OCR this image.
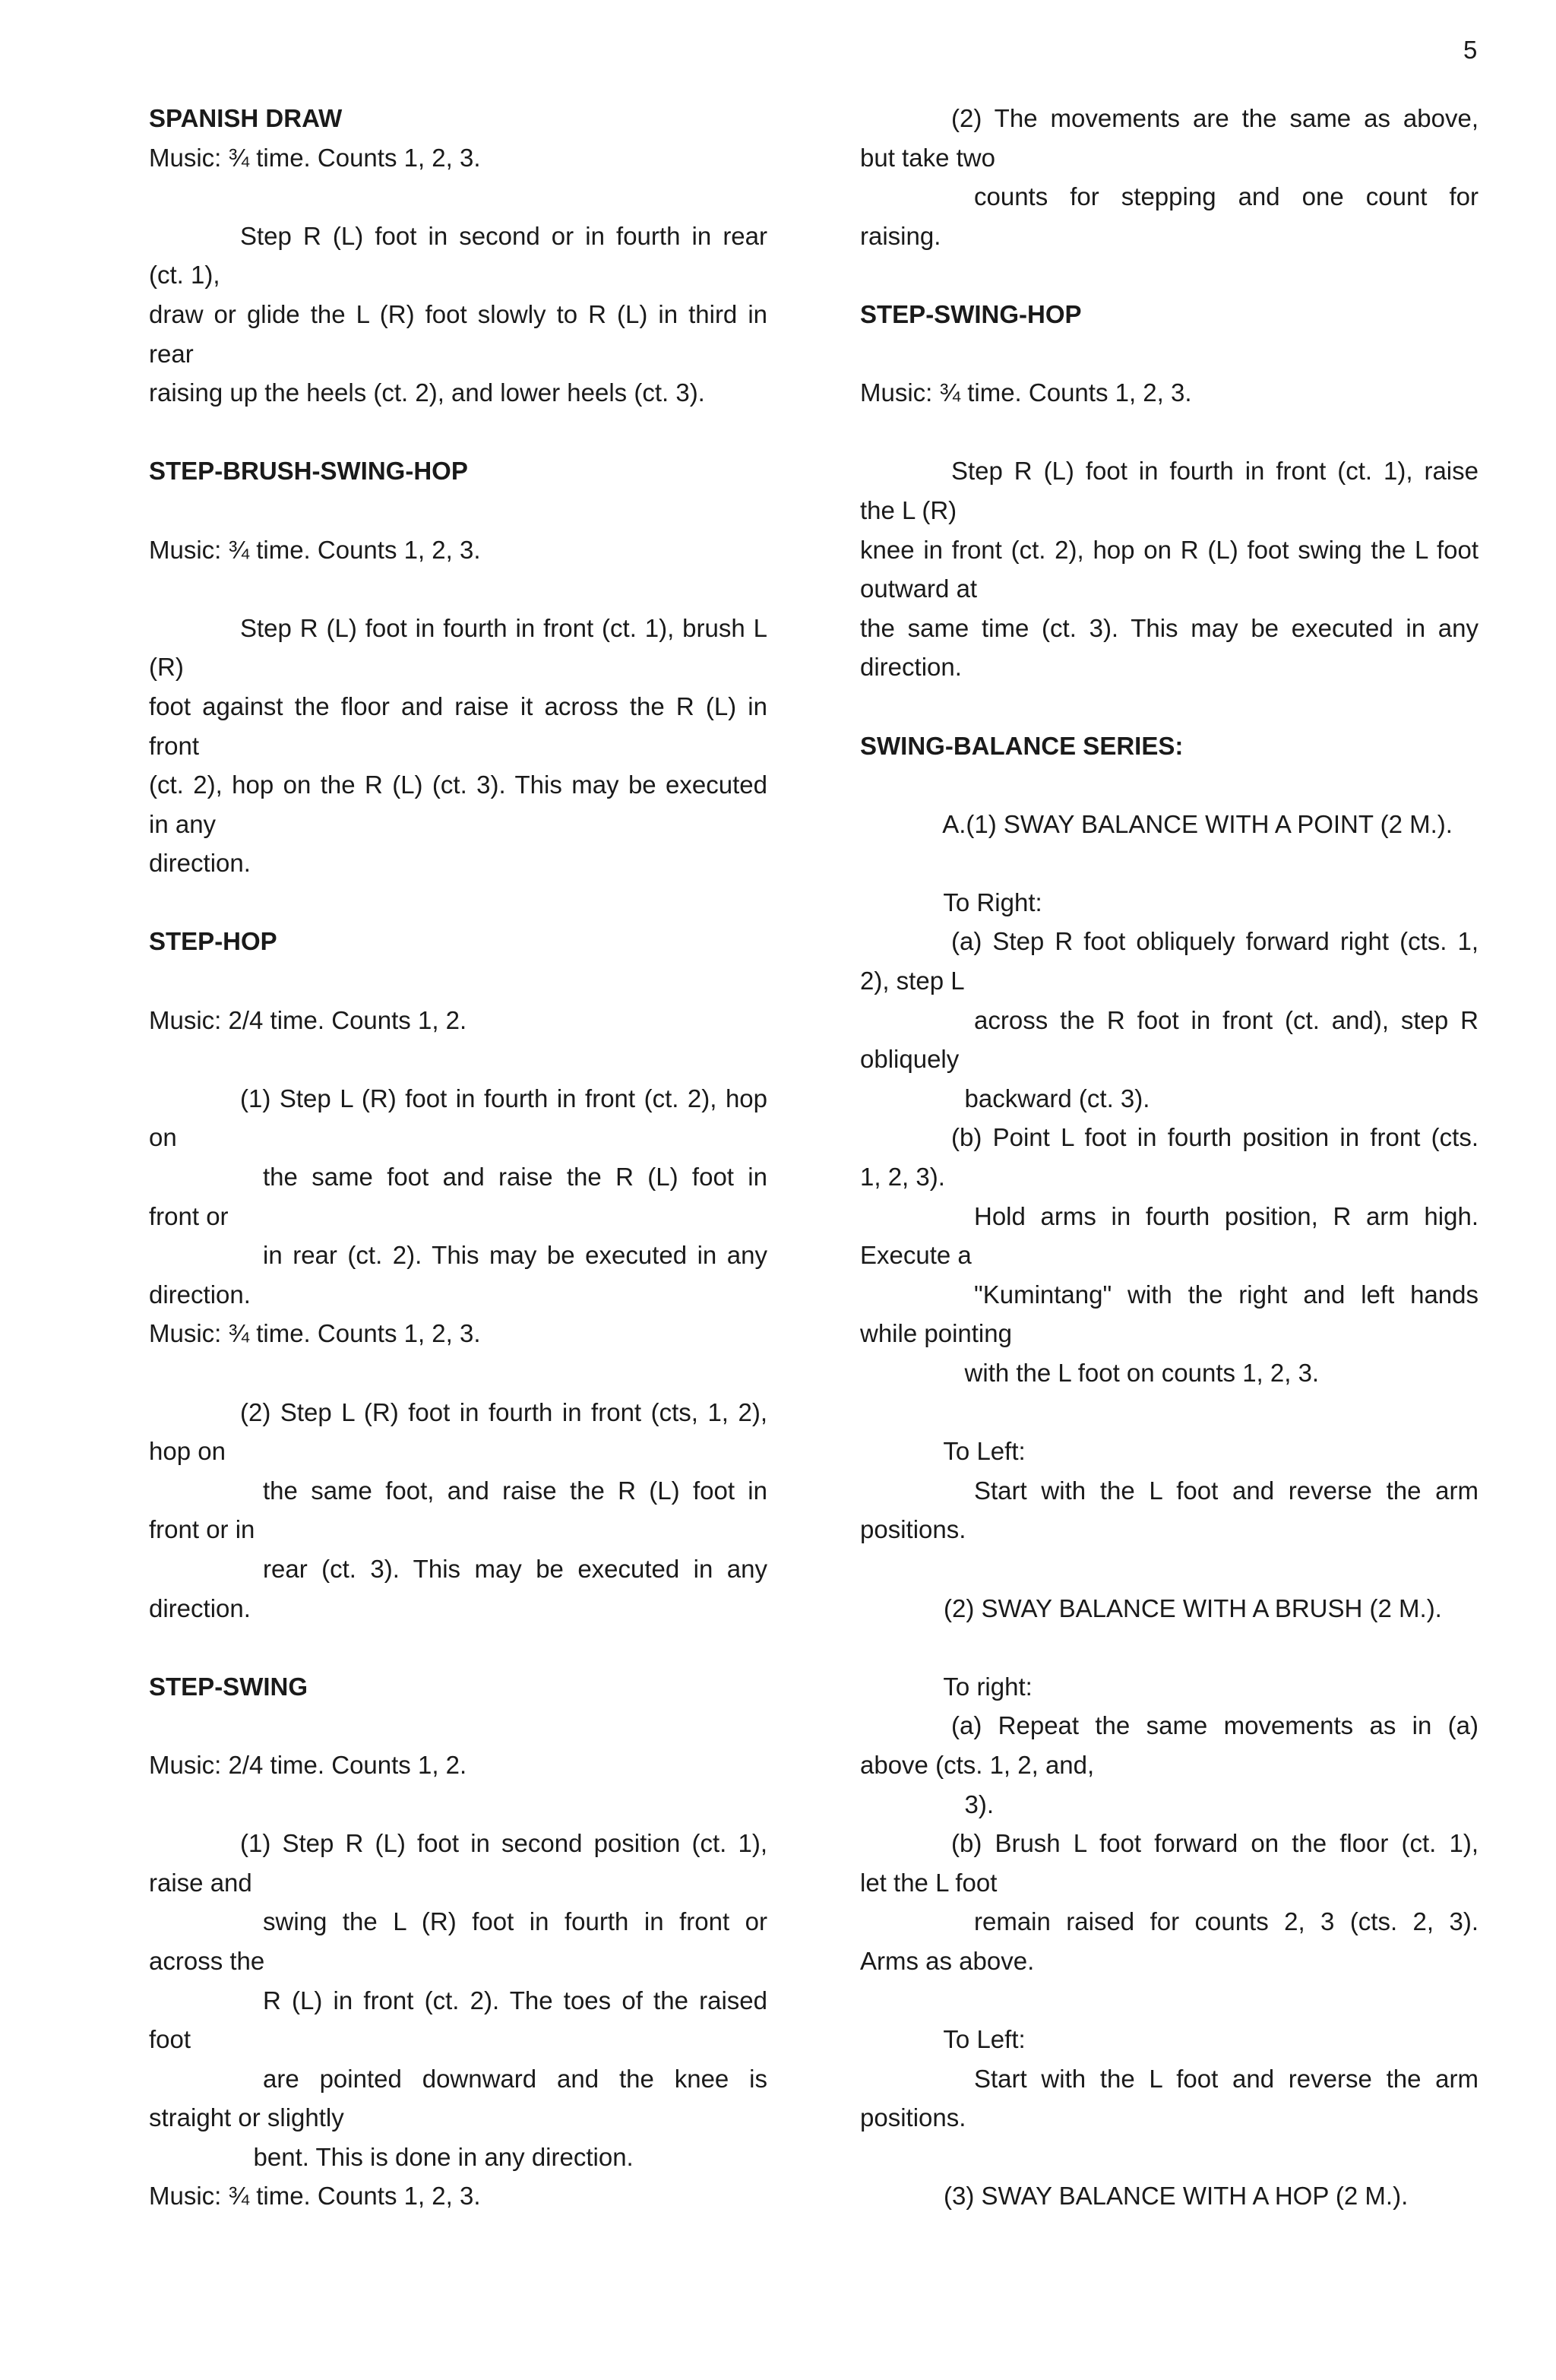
5
SPANISH DRAW
Music: ¾ time. Counts 1, 2, 3.
Step R (L) foot in second or in fourth in rear
(ct. 1),
draw or glide the L (R) foot slowly to R (L) in third in
rear
raising up the heels (ct. 2), and lower heels (ct. 3).
STEP-BRUSH-SWING-HOP
Music: ¾ time. Counts 1, 2, 3.
Step R (L) foot in fourth in front (ct. 1), brush L
(R)
foot against the floor and raise it across the R (L) in
front
(ct. 2), hop on the R (L) (ct. 3). This may be executed
in any
direction.
STEP-HOP
Music: 2/4 time. Counts 1, 2.
(1) Step L (R) foot in fourth in front (ct. 2), hop
on
the same foot and raise the R (L) foot in
front or
in rear (ct. 2). This may be executed in any
direction.
Music: ¾ time. Counts 1, 2, 3.
(2) Step L (R) foot in fourth in front (cts, 1, 2),
hop on
the same foot, and raise the R (L) foot in
front or in
rear (ct. 3). This may be executed in any
direction.
STEP-SWING
Music: 2/4 time. Counts 1, 2.
(1) Step R (L) foot in second position (ct. 1),
raise and
swing the L (R) foot in fourth in front or
across the
R (L) in front (ct. 2). The toes of the raised
foot
are pointed downward and the knee is
straight or slightly
bent. This is done in any direction.
Music: ¾ time. Counts 1, 2, 3.
(2) The movements are the same as above,
but take two
counts for stepping and one count for
raising.
STEP-SWING-HOP
Music: ¾ time. Counts 1, 2, 3.
Step R (L) foot in fourth in front (ct. 1), raise
the L (R)
knee in front (ct. 2), hop on R (L) foot swing the L foot
outward at
the same time (ct. 3). This may be executed in any
direction.
SWING-BALANCE SERIES:
A.(1) SWAY BALANCE WITH A POINT (2 M.).
To Right:
(a) Step R foot obliquely forward right (cts. 1,
2), step L
across the R foot in front (ct. and), step R
obliquely
backward (ct. 3).
(b) Point L foot in fourth position in front (cts.
1, 2, 3).
Hold arms in fourth position, R arm high.
Execute a
"Kumintang" with the right and left hands
while pointing
with the L foot on counts 1, 2, 3.
To Left:
Start with the L foot and reverse the arm
positions.
(2) SWAY BALANCE WITH A BRUSH (2 M.).
To right:
(a) Repeat the same movements as in (a)
above (cts. 1, 2, and,
3).
(b) Brush L foot forward on the floor (ct. 1),
let the L foot
remain raised for counts 2, 3 (cts. 2, 3).
Arms as above.
To Left:
Start with the L foot and reverse the arm
positions.
(3) SWAY BALANCE WITH A HOP (2 M.).
